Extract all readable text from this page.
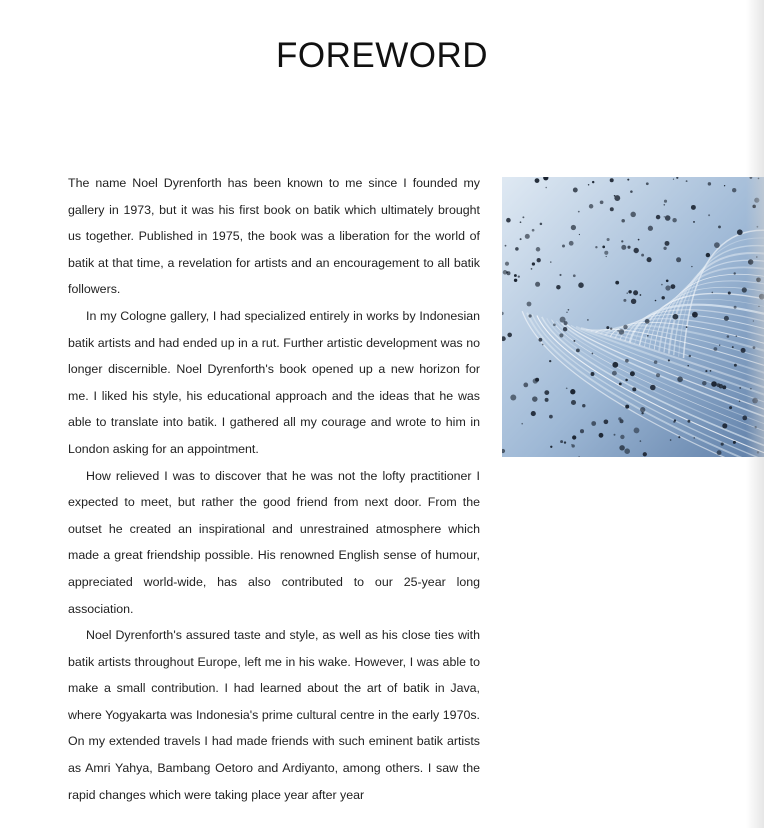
FOREWORD

The name Noel Dyrenforth has been known to me since I founded my gallery in 1973, but it was his first book on batik which ultimately brought us together. Published in 1975, the book was a liberation for the world of batik at that time, a revelation for artists and an encouragement to all batik followers.

In my Cologne gallery, I had specialized entirely in works by Indonesian batik artists and had ended up in a rut. Further artistic development was no longer discernible. Noel Dyrenforth's book opened up a new horizon for me. I liked his style, his educational approach and the ideas that he was able to translate into batik. I gathered all my courage and wrote to him in London asking for an appointment.

How relieved I was to discover that he was not the lofty practitioner I expected to meet, but rather the good friend from next door. From the outset he created an inspirational and unrestrained atmosphere which made a great friendship possible. His renowned English sense of humour, appreciated world-wide, has also contributed to our 25-year long association.

Noel Dyrenforth's assured taste and style, as well as his close ties with batik artists throughout Europe, left me in his wake. However, I was able to make a small contribution. I had learned about the art of batik in Java, where Yogyakarta was Indonesia's prime cultural centre in the early 1970s. On my extended travels I had made friends with such eminent batik artists as Amri Yahya, Bambang Oetoro and Ardiyanto, among others. I saw the rapid changes which were taking place year after year
